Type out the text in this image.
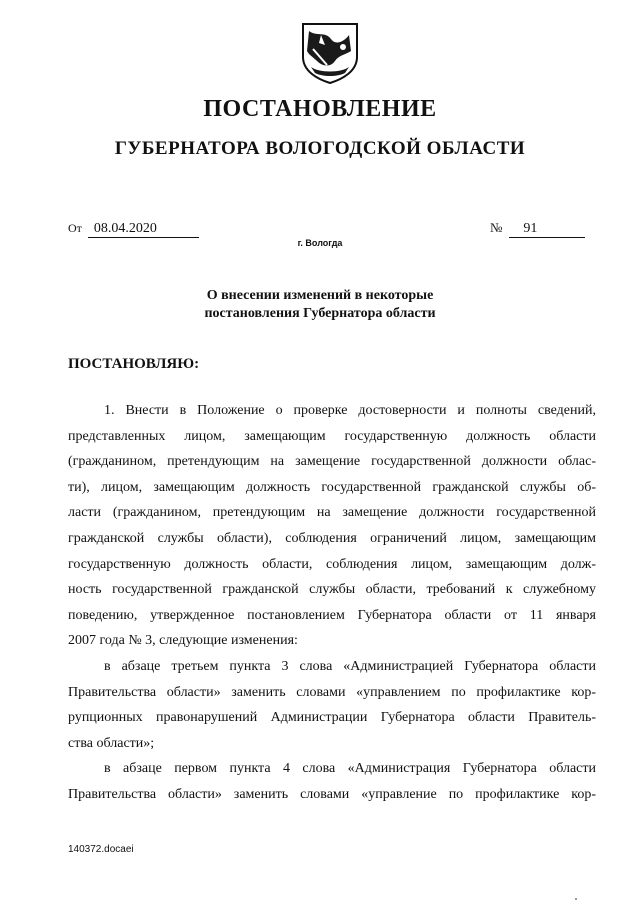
ПОСТАНОВЛЕНИЕ
ГУБЕРНАТОРА ВОЛОГОДСКОЙ ОБЛАСТИ
От 08.04.2020	№ 91
г. Вологда
О внесении изменений в некоторые
постановления Губернатора области

ПОСТАНОВЛЯЮ:

1. Внести в Положение о проверке достоверности и полноты сведений,
представленных лицом, замещающим государственную должность области
(гражданином, претендующим на замещение государственной должности облас-
ти), лицом, замещающим должность государственной гражданской службы об-
ласти (гражданином, претендующим на замещение должности государственной
гражданской службы области), соблюдения ограничений лицом, замещающим
государственную должность области, соблюдения лицом, замещающим долж-
ность государственной гражданской службы области, требований к служебному
поведению, утвержденное постановлением Губернатора области от 11 января
2007 года № 3, следующие изменения:

в абзаце третьем пункта 3 слова «Администрацией Губернатора области
Правительства области» заменить словами «управлением по профилактике кор-
рупционных правонарушений Администрации Губернатора области Правитель-
ства области»;

в абзаце первом пункта 4 слова «Администрация Губернатора области
Правительства области» заменить словами «управление по профилактике кор-

140372.docaei
